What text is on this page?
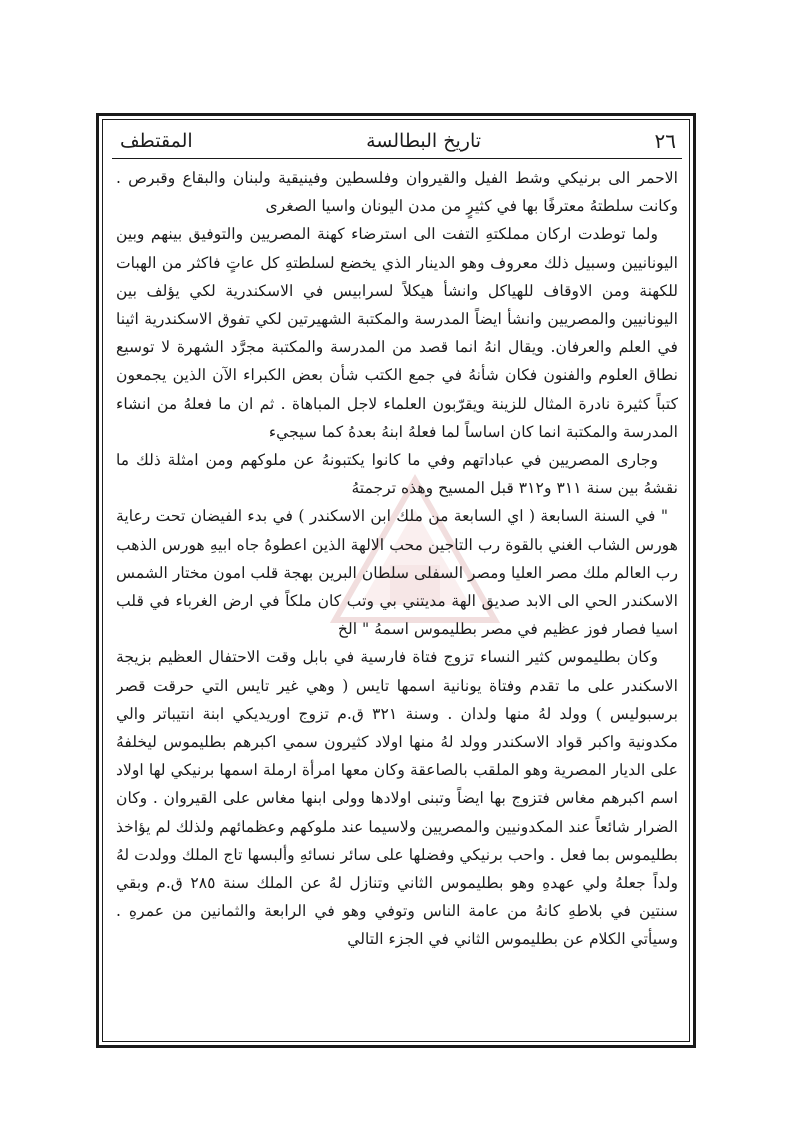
٢٦
تاريخ البطالسة
المقتطف

الاحمر الى برنيكي وشط الفيل والقيروان وفلسطين وفينيقية ولبنان والبقاع وقبرص . وكانت سلطتهُ معترفًا بها في كثيرٍ من مدن اليونان واسيا الصغرى

ولما توطدت اركان مملكتهِ التفت الى استرضاء كهنة المصريين والتوفيق بينهم وبين اليونانيين وسبيل ذلك معروف وهو الدينار الذي يخضع لسلطتهِ كل عاتٍ فاكثر من الهبات للكهنة ومن الاوقاف للهياكل وانشأ هيكلاً لسرابيس في الاسكندرية لكي يؤلف بين اليونانيين والمصريين وانشأ ايضاً المدرسة والمكتبة الشهيرتين لكي تفوق الاسكندرية اثينا في العلم والعرفان. ويقال انهُ انما قصد من المدرسة والمكتبة مجرَّد الشهرة لا توسيع نطاق العلوم والفنون فكان شأنهُ في جمع الكتب شأن بعض الكبراء الآن الذين يجمعون كتباً كثيرة نادرة المثال للزينة ويقرّبون العلماء لاجل المباهاة . ثم ان ما فعلهُ من انشاء المدرسة والمكتبة انما كان اساساً لما فعلهُ ابنهُ بعدهُ كما سيجيء

وجارى المصريين في عباداتهم وفي ما كانوا يكتبونهُ عن ملوكهم ومن امثلة ذلك ما نقشهُ بين سنة ٣١١ و٣١٢ قبل المسيح وهذه ترجمتهُ

" في السنة السابعة ( اي السابعة من ملك ابن الاسكندر ) في بدء الفيضان تحت رعاية هورس الشاب الغني بالقوة رب التاجين محب الالهة الذين اعطوهُ جاه ابيهِ هورس الذهب رب العالم ملك مصر العليا ومصر السفلى سلطان البرين بهجة قلب امون مختار الشمس الاسكندر الحي الى الابد صديق الهة مديتني بي وتب كان ملكاً في ارض الغرباء في قلب اسيا فصار فوز عظيم في مصر بطليموس اسمهُ " الخ

وكان بطليموس كثير النساء تزوج فتاة فارسية في بابل وقت الاحتفال العظيم بزيجة الاسكندر على ما تقدم وفتاة يونانية اسمها تايس ( وهي غير تايس التي حرقت قصر برسبوليس ) وولد لهُ منها ولدان . وسنة ٣٢١ ق.م تزوج اوريديكي ابنة انتيباتر والي مكدونية واكبر قواد الاسكندر وولد لهُ منها اولاد كثيرون سمي اكبرهم بطليموس ليخلفهُ على الديار المصرية وهو الملقب بالصاعقة وكان معها امرأة ارملة اسمها برنيكي لها اولاد اسم اكبرهم مغاس فتزوج بها ايضاً وتبنى اولادها وولى ابنها مغاس على القيروان . وكان الضرار شائعاً عند المكدونيين والمصريين ولاسيما عند ملوكهم وعظمائهم ولذلك لم يؤاخذ بطليموس بما فعل . واحب برنيكي وفضلها على سائر نسائهِ وألبسها تاج الملك وولدت لهُ ولداً جعلهُ ولي عهدهِ وهو بطليموس الثاني وتنازل لهُ عن الملك سنة ٢٨٥ ق.م وبقي سنتين في بلاطهِ كانهُ من عامة الناس وتوفي وهو في الرابعة والثمانين من عمرهِ . وسيأتي الكلام عن بطليموس الثاني في الجزء التالي
